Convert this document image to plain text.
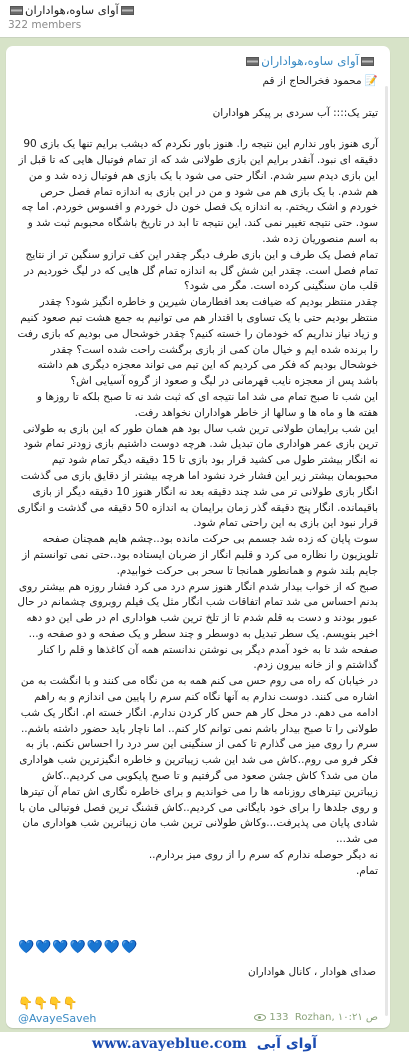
آوای ساوه،هواداران
322 members
آوای ساوه،هواداران
📝 محمود فخرالحاج از قم

تیتر یک:::: آب سردی بر پیکر هواداران

آری هنوز باور ندارم این نتیجه را. هنوز باور نکردم که دیشب برایم تنها یک بازی 90 دقیقه ای نبود. آنقدر برایم این بازی طولانی شد که از تمام فوتبال هایی که تا قبل از این بازی دیدم سیر شدم. انگار حتی می شود با یک بازی هم فوتبال زده شد و من هم شدم. با یک بازی هم می شود و من در این بازی به اندازه تمام فصل حرص خوردم و اشک ریختم. به اندازه یک فصل خون دل خوردم و افسوس خوردم. اما چه سود. حتی نتیجه تغییر نمی کند. این نتیجه تا ابد در تاریخ باشگاه محبوبم ثبت شد و به اسم منصوریان زده شد.
تمام فصل یک طرف و این بازی طرف دیگر چقدر این کف ترازو سنگین تر از نتایج تمام فصل است. چقدر این شش گل به اندازه تمام گل هایی که در لیگ خوردیم در قلب مان سنگینی کرده است. مگر می شود؟
چقدر منتظر بودیم که ضیافت بعد افطارمان شیرین و خاطره انگیز شود؟ چقدر منتظر بودیم حتی با یک تساوی با اقتدار هم می توانیم به جمع هشت تیم صعود کنیم و زیاد نیاز نداریم که خودمان را خسته کنیم؟ چقدر خوشحال می بودیم که بازی رفت را برنده شده ایم و خیال مان کمی از بازی برگشت راحت شده است؟ چقدر خوشحال بودیم که فکر می کردیم که این تیم می تواند معجزه دیگری هم داشته باشد پس از معجزه نایب قهرمانی در لیگ و صعود از گروه آسیایی اش؟
این شب تا صبح تمام می شد اما نتیجه ای که ثبت شد نه تا صبح بلکه تا روزها و هفته ها و ماه ها و سالها از خاطر هواداران نخواهد رفت.
این شب برایمان طولانی ترین شب سال بود هم همان طور که این بازی به طولانی ترین بازی عمر هواداری مان تبدیل شد. هرچه دوست داشتیم بازی زودتر تمام شود نه انگار بیشتر طول می کشید قرار بود بازی تا 15 دقیقه دیگر تمام شود تیم محبوبمان بیشتر زیر این فشار خرد نشود اما هرچه بیشتر از دقایق بازی می گذشت انگار بازی طولانی تر می شد چند دقیقه بعد نه انگار هنوز 10 دقیقه دیگر از بازی باقیمانده. انگار پنج دقیقه گذر زمان برایمان به اندازه 50 دقیقه می گذشت و انگاری قرار نبود این بازی به این راحتی تمام شود.
سوت پایان که زده شد جسمم بی حرکت مانده بود..چشم هایم همچنان صفحه تلویزیون را نظاره می کرد و قلبم انگار از ضربان ایستاده بود..حتی نمی توانستم از جایم بلند شوم و همانطور همانجا تا سحر بی حرکت خوابیدم.
صبح که از خواب بیدار شدم انگار هنوز سرم درد می کرد فشار روزه هم بیشتر روی بدنم احساس می شد تمام اتفاقات شب انگار مثل یک فیلم روبروی چشمانم در حال عبور بودند و دست به قلم شدم تا از تلخ ترین شب هواداری ام در طی این دو دهه اخیر بنویسم. یک سطر تبدیل به دوسطر و چند سطر و یک صفحه و دو صفحه و... صفحه شد تا به خود آمدم دیگر بی نوشتن ندانستم همه آن کاغذها و قلم را کنار گذاشتم و از خانه بیرون زدم.
در خیابان که راه می روم حس می کنم همه به من نگاه می کنند و با انگشت به من اشاره می کنند. دوست ندارم به آنها نگاه کنم سرم را پایین می اندازم و به راهم ادامه می دهم. در محل کار هم حس کار کردن ندارم. انگار خسته ام. انگار یک شب طولانی را تا صبح بیدار باشم نمی توانم کار کنم.. اما ناچار باید حضور داشته باشم..
سرم را روی میز می گذارم تا کمی از سنگینی این سر درد را احساس نکنم. باز به فکر فرو می روم..کاش می شد این شب زیباترین و خاطره انگیزترین شب هواداری مان می شد؟ کاش جشن صعود می گرفتیم و تا صبح پایکوبی می کردیم..کاش زیباترین تیترهای روزنامه ها را می خواندیم و برای خاطره نگاری اش تمام آن تیترها و روی جلدها را برای خود بایگانی می کردیم..کاش قشنگ ترین فصل فوتبالی مان با شادی پایان می پذیرفت...وکاش طولانی ترین شب مان زیباترین شب هواداری مان می شد...
نه دیگر حوصله ندارم که سرم را از روی میز بردارم..
تمام.
💙💙💙💙💙💙💙
صدای هوادار ، کانال هواداران
👇👇👇👇
@AvayeSaveh	133 Rozhan, ۱۰:۲۱ ص
www.avayeblue.com آوای آبی
